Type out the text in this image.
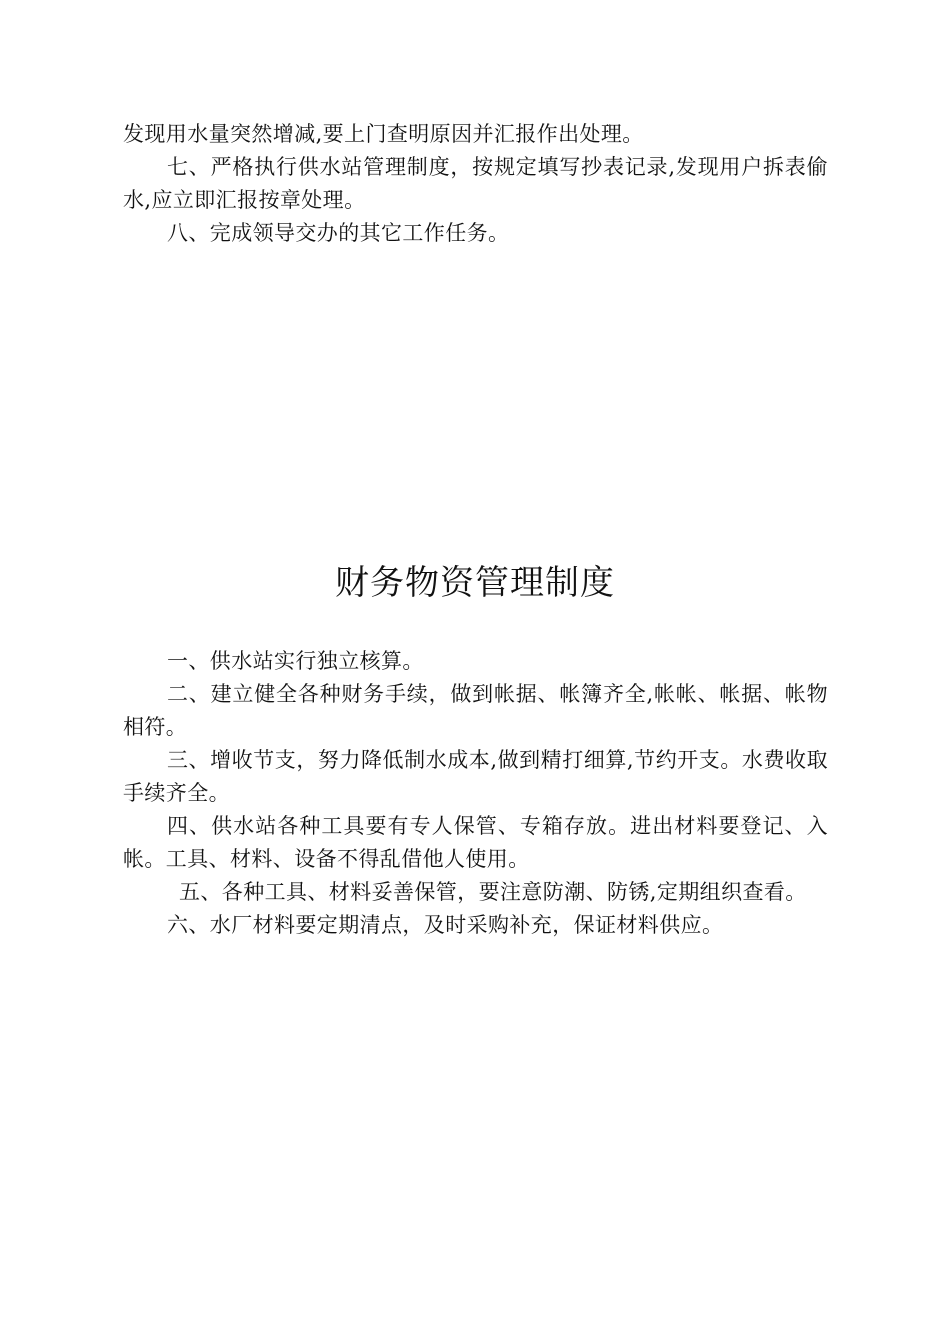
发现用水量突然增减,要上门查明原因并汇报作出处理。

七、严格执行供水站管理制度，按规定填写抄表记录,发现用户拆表偷水,应立即汇报按章处理。

八、完成领导交办的其它工作任务。

财务物资管理制度

一、供水站实行独立核算。

二、建立健全各种财务手续，做到帐据、帐簿齐全,帐帐、帐据、帐物相符。

三、增收节支，努力降低制水成本,做到精打细算,节约开支。水费收取手续齐全。

四、供水站各种工具要有专人保管、专箱存放。进出材料要登记、入帐。工具、材料、设备不得乱借他人使用。

五、各种工具、材料妥善保管，要注意防潮、防锈,定期组织查看。

六、水厂材料要定期清点，及时采购补充，保证材料供应。
